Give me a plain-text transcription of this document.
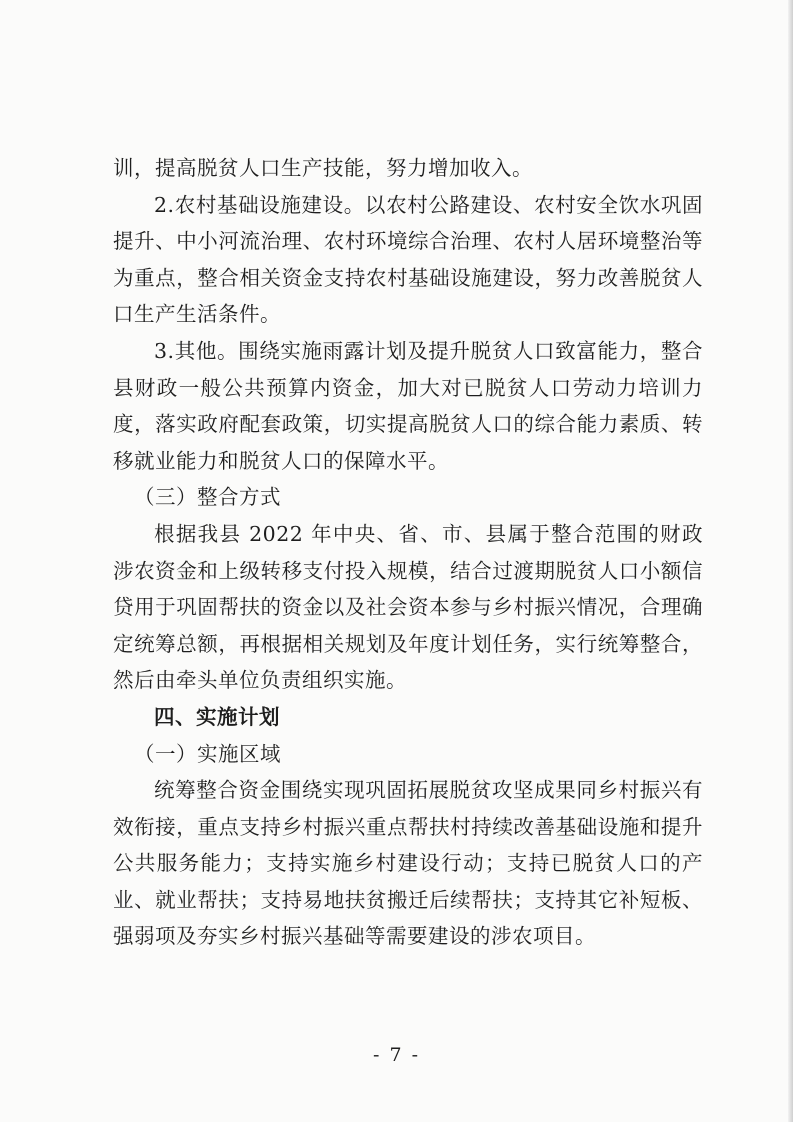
训，提高脱贫人口生产技能，努力增加收入。

2.农村基础设施建设。以农村公路建设、农村安全饮水巩固提升、中小河流治理、农村环境综合治理、农村人居环境整治等为重点，整合相关资金支持农村基础设施建设，努力改善脱贫人口生产生活条件。

3.其他。围绕实施雨露计划及提升脱贫人口致富能力，整合县财政一般公共预算内资金，加大对已脱贫人口劳动力培训力度，落实政府配套政策，切实提高脱贫人口的综合能力素质、转移就业能力和脱贫人口的保障水平。

（三）整合方式

根据我县 2022 年中央、省、市、县属于整合范围的财政涉农资金和上级转移支付投入规模，结合过渡期脱贫人口小额信贷用于巩固帮扶的资金以及社会资本参与乡村振兴情况，合理确定统筹总额，再根据相关规划及年度计划任务，实行统筹整合，然后由牵头单位负责组织实施。

四、实施计划

（一）实施区域

统筹整合资金围绕实现巩固拓展脱贫攻坚成果同乡村振兴有效衔接，重点支持乡村振兴重点帮扶村持续改善基础设施和提升公共服务能力；支持实施乡村建设行动；支持已脱贫人口的产业、就业帮扶；支持易地扶贫搬迁后续帮扶；支持其它补短板、强弱项及夯实乡村振兴基础等需要建设的涉农项目。

- 7 -
